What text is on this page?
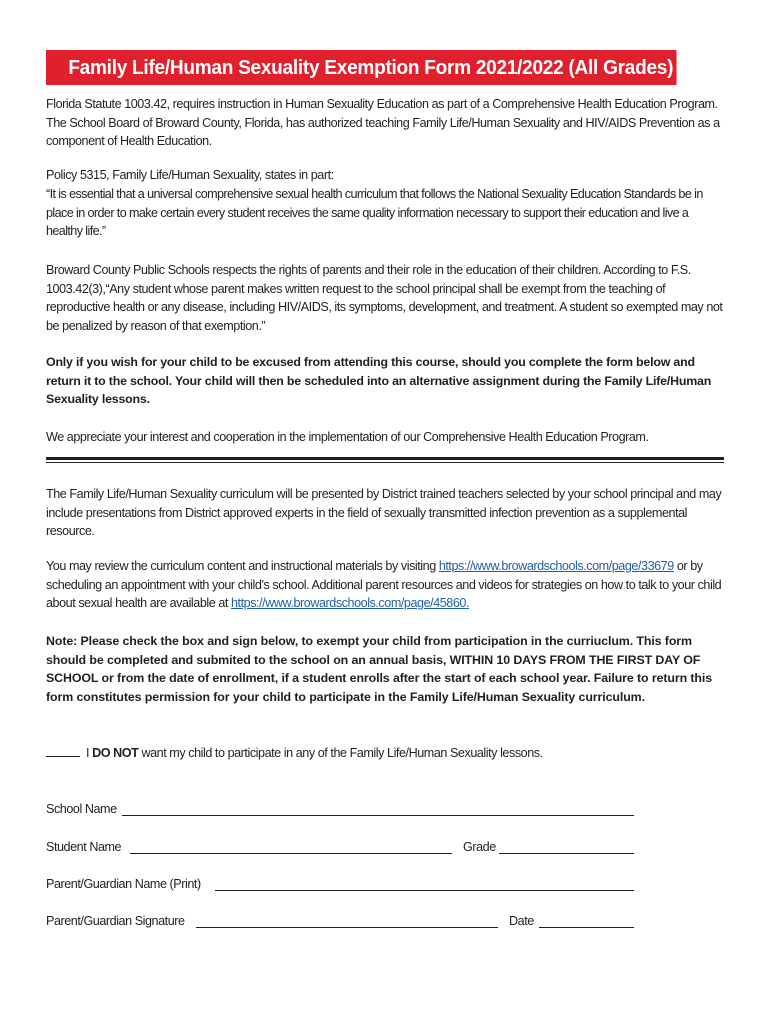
Family Life/Human Sexuality Exemption Form 2021/2022 (All Grades)

Florida Statute 1003.42, requires instruction in Human Sexuality Education as part of a Comprehensive Health Education Program. The School Board of Broward County, Florida, has authorized teaching Family Life/Human Sexuality and HIV/AIDS Prevention as a component of Health Education.

Policy 5315, Family Life/Human Sexuality, states in part:

“It is essential that a universal comprehensive sexual health curriculum that follows the National Sexuality Education Standards be in place in order to make certain every student receives the same quality information necessary to support their education and live a healthy life.”

Broward County Public Schools respects the rights of parents and their role in the education of their children. According to F.S. 1003.42(3),“Any student whose parent makes written request to the school principal shall be exempt from the teaching of reproductive health or any disease, including HIV/AIDS, its symptoms, development, and treatment. A student so exempted may not be penalized by reason of that exemption.”

Only if you wish for your child to be excused from attending this course, should you complete the form below and return it to the school. Your child will then be scheduled into an alternative assignment during the Family Life/Human Sexuality lessons.

We appreciate your interest and cooperation in the implementation of our Comprehensive Health Education Program.

The Family Life/Human Sexuality curriculum will be presented by District trained teachers selected by your school principal and may include presentations from District approved experts in the field of sexually transmitted infection prevention as a supplemental resource.

You may review the curriculum content and instructional materials by visiting https://www.browardschools.com/page/33679 or by scheduling an appointment with your child’s school. Additional parent resources and videos for strategies on how to talk to your child about sexual health are available at https://www.browardschools.com/page/45860.

Note: Please check the box and sign below, to exempt your child from participation in the curriuclum. This form should be completed and submited to the school on an annual basis, WITHIN 10 DAYS FROM THE FIRST DAY OF SCHOOL or from the date of enrollment, if a student enrolls after the start of each school year. Failure to return this form constitutes permission for your child to participate in the Family Life/Human Sexuality curriculum.

I DO NOT want my child to participate in any of the Family Life/Human Sexuality lessons.
School Name
Student Name	Grade
Parent/Guardian Name (Print)
Parent/Guardian Signature	Date
